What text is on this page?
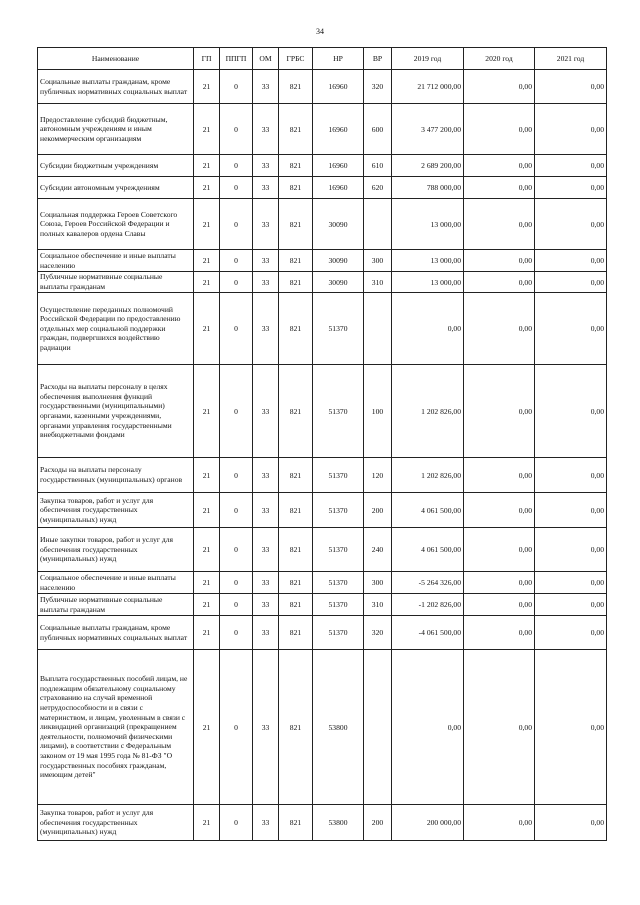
34
Наименование	ГП	ППГП	ОМ	ГРБС	НР	ВР	2019 год	2020 год	2021 год
Социальные выплаты гражданам, кроме публичных нормативных социальных выплат	21	0	33	821	16960	320	21 712 000,00	0,00	0,00
Предоставление субсидий бюджетным, автономным учреждениям и иным некоммерческим организациям	21	0	33	821	16960	600	3 477 200,00	0,00	0,00
Субсидии бюджетным учреждениям	21	0	33	821	16960	610	2 689 200,00	0,00	0,00
Субсидии автономным учреждениям	21	0	33	821	16960	620	788 000,00	0,00	0,00
Социальная поддержка Героев Советского Союза, Героев Российской Федерации и полных кавалеров ордена Славы	21	0	33	821	30090		13 000,00	0,00	0,00
Социальное обеспечение и иные выплаты населению	21	0	33	821	30090	300	13 000,00	0,00	0,00
Публичные нормативные социальные выплаты гражданам	21	0	33	821	30090	310	13 000,00	0,00	0,00
Осуществление переданных полномочий Российской Федерации по предоставлению отдельных мер социальной поддержки граждан, подвергшихся воздействию радиации	21	0	33	821	51370		0,00	0,00	0,00
Расходы на выплаты персоналу в целях обеспечения выполнения функций государственными (муниципальными) органами, казенными учреждениями, органами управления государственными внебюджетными фондами	21	0	33	821	51370	100	1 202 826,00	0,00	0,00
Расходы на выплаты персоналу государственных (муниципальных) органов	21	0	33	821	51370	120	1 202 826,00	0,00	0,00
Закупка товаров, работ и услуг для обеспечения государственных (муниципальных) нужд	21	0	33	821	51370	200	4 061 500,00	0,00	0,00
Иные закупки товаров, работ и услуг для обеспечения государственных (муниципальных) нужд	21	0	33	821	51370	240	4 061 500,00	0,00	0,00
Социальное обеспечение и иные выплаты населению	21	0	33	821	51370	300	-5 264 326,00	0,00	0,00
Публичные нормативные социальные выплаты гражданам	21	0	33	821	51370	310	-1 202 826,00	0,00	0,00
Социальные выплаты гражданам, кроме публичных нормативных социальных выплат	21	0	33	821	51370	320	-4 061 500,00	0,00	0,00
Выплата государственных пособий лицам, не подлежащим обязательному социальному страхованию на случай временной нетрудоспособности и в связи с материнством, и лицам, уволенным в связи с ликвидацией организаций (прекращением деятельности, полномочий физическими лицами), в соответствии с Федеральным законом от 19 мая 1995 года № 81-ФЗ "О государственных пособиях гражданам, имеющим детей"	21	0	33	821	53800		0,00	0,00	0,00
Закупка товаров, работ и услуг для обеспечения государственных (муниципальных) нужд	21	0	33	821	53800	200	200 000,00	0,00	0,00
